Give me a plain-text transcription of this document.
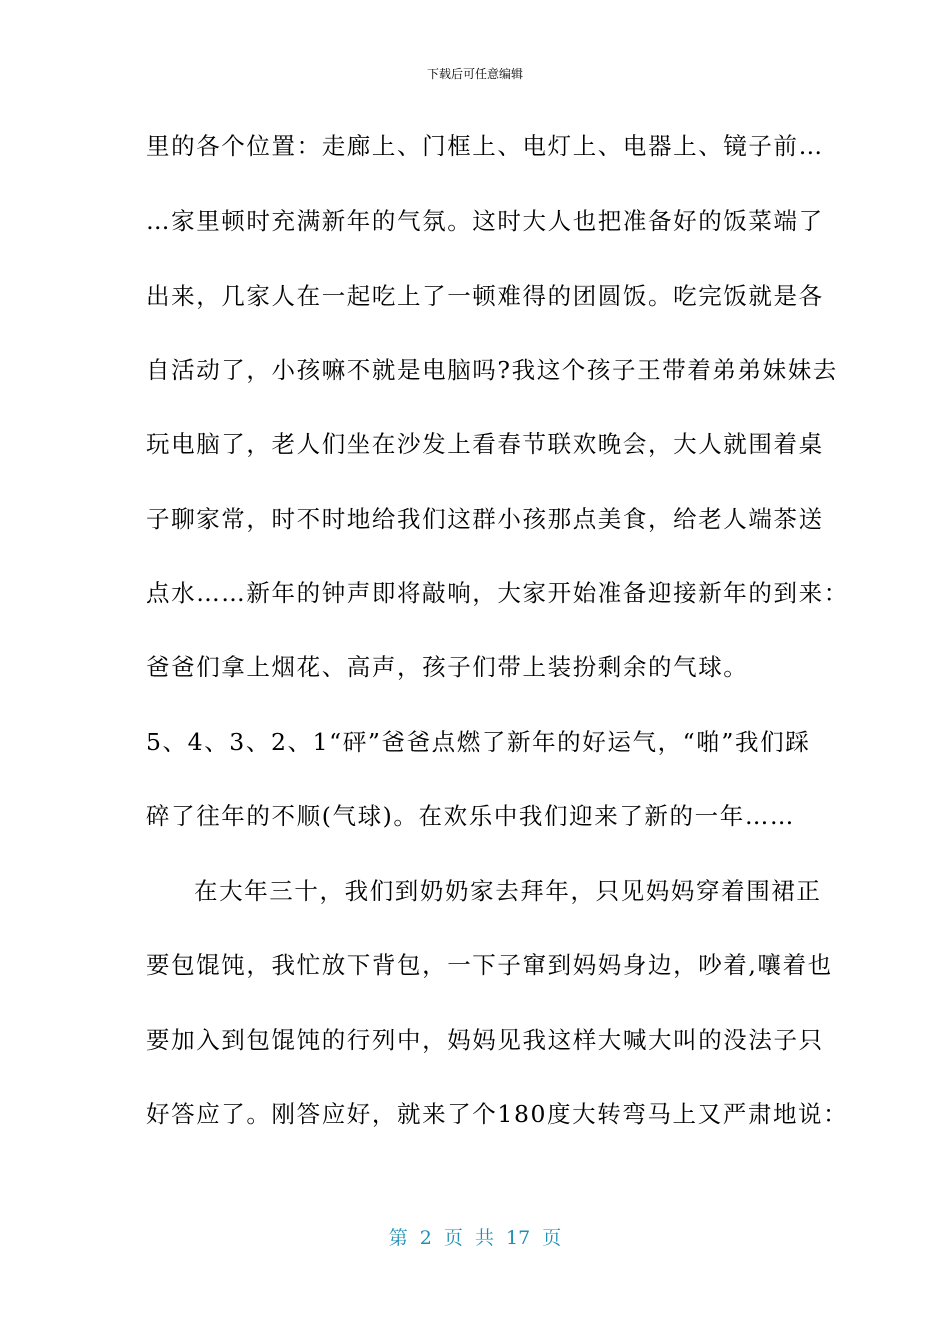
下载后可任意编辑
里的各个位置：走廊上、门框上、电灯上、电器上、镜子前…
…家里顿时充满新年的气氛。这时大人也把准备好的饭菜端了
出来，几家人在一起吃上了一顿难得的团圆饭。吃完饭就是各
自活动了，小孩嘛不就是电脑吗?我这个孩子王带着弟弟妹妹去
玩电脑了，老人们坐在沙发上看春节联欢晚会，大人就围着桌
子聊家常，时不时地给我们这群小孩那点美食，给老人端茶送
点水……新年的钟声即将敲响，大家开始准备迎接新年的到来：
爸爸们拿上烟花、高声，孩子们带上装扮剩余的气球。
5、4、3、2、1“砰”爸爸点燃了新年的好运气，“啪”我们踩
碎了往年的不顺(气球)。在欢乐中我们迎来了新的一年……
在大年三十，我们到奶奶家去拜年，只见妈妈穿着围裙正
要包馄饨，我忙放下背包，一下子窜到妈妈身边，吵着,嚷着也
要加入到包馄饨的行列中，妈妈见我这样大喊大叫的没法子只
好答应了。刚答应好，就来了个180度大转弯马上又严肃地说：
第 2 页 共 17 页
